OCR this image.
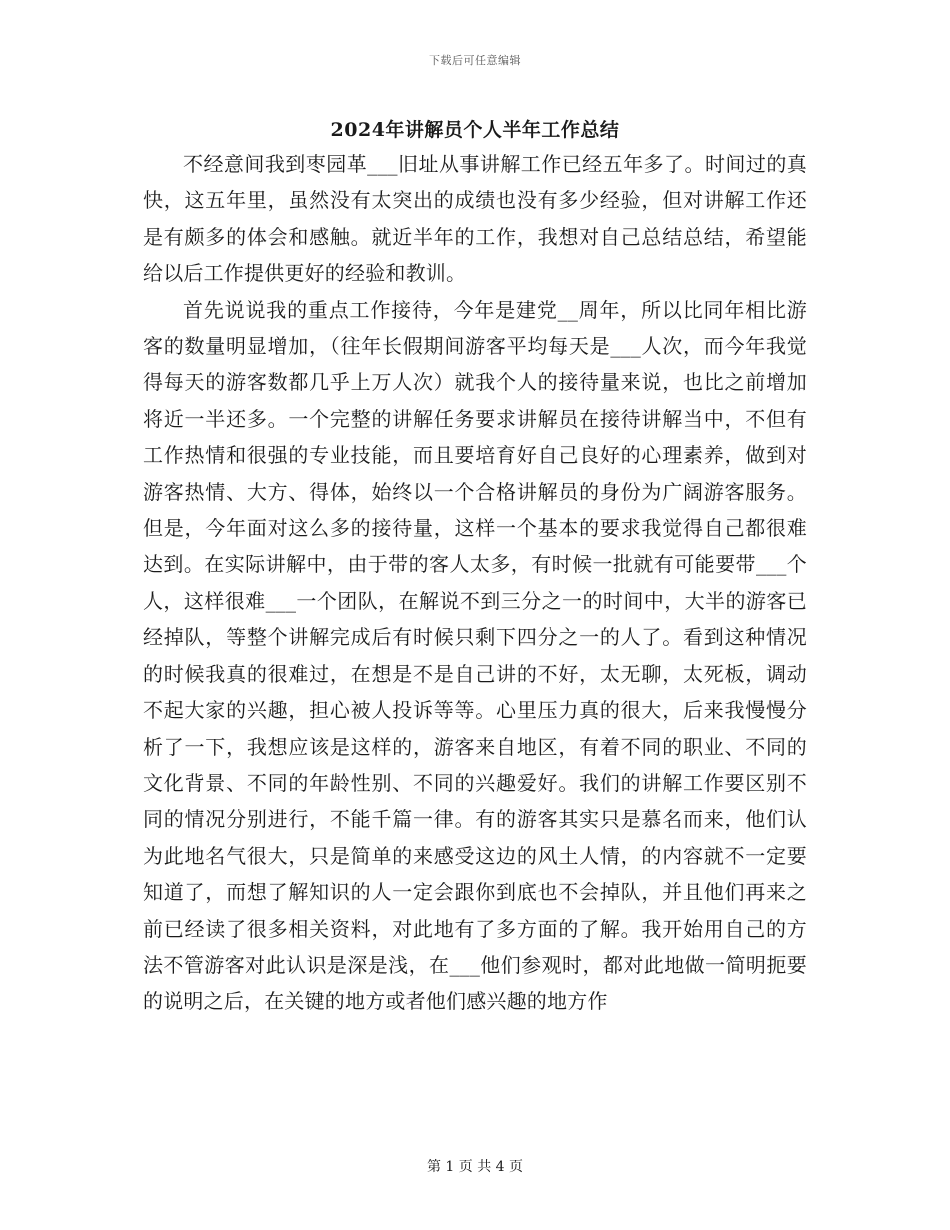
下载后可任意编辑
2024年讲解员个人半年工作总结

不经意间我到枣园革___旧址从事讲解工作已经五年多了。时间过的真快，这五年里，虽然没有太突出的成绩也没有多少经验，但对讲解工作还是有颇多的体会和感触。就近半年的工作，我想对自己总结总结，希望能给以后工作提供更好的经验和教训。

首先说说我的重点工作接待，今年是建党__周年，所以比同年相比游客的数量明显增加，（往年长假期间游客平均每天是___人次，而今年我觉得每天的游客数都几乎上万人次）就我个人的接待量来说，也比之前增加将近一半还多。一个完整的讲解任务要求讲解员在接待讲解当中，不但有工作热情和很强的专业技能，而且要培育好自己良好的心理素养，做到对游客热情、大方、得体，始终以一个合格讲解员的身份为广阔游客服务。但是，今年面对这么多的接待量，这样一个基本的要求我觉得自己都很难达到。在实际讲解中，由于带的客人太多，有时候一批就有可能要带___个人，这样很难___一个团队，在解说不到三分之一的时间中，大半的游客已经掉队，等整个讲解完成后有时候只剩下四分之一的人了。看到这种情况的时候我真的很难过，在想是不是自己讲的不好，太无聊，太死板，调动不起大家的兴趣，担心被人投诉等等。心里压力真的很大，后来我慢慢分析了一下，我想应该是这样的，游客来自地区，有着不同的职业、不同的文化背景、不同的年龄性别、不同的兴趣爱好。我们的讲解工作要区别不同的情况分别进行，不能千篇一律。有的游客其实只是慕名而来，他们认为此地名气很大，只是简单的来感受这边的风土人情，的内容就不一定要知道了，而想了解知识的人一定会跟你到底也不会掉队，并且他们再来之前已经读了很多相关资料，对此地有了多方面的了解。我开始用自己的方法不管游客对此认识是深是浅，在___他们参观时，都对此地做一简明扼要的说明之后，在关键的地方或者他们感兴趣的地方作

第 1 页 共 4 页
